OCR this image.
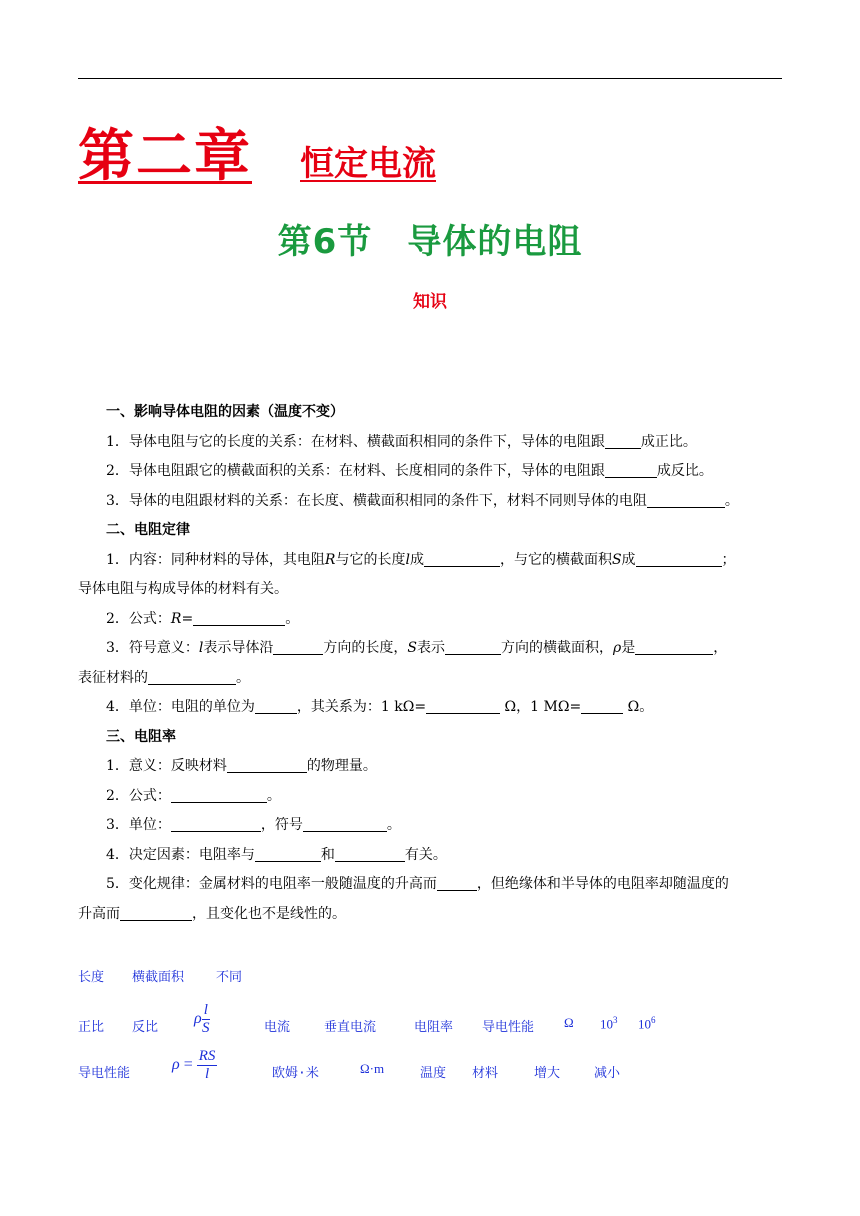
第二章 恒定电流
第6节　导体的电阻
知识

一、影响导体电阻的因素（温度不变）

1．导体电阻与它的长度的关系：在材料、横截面积相同的条件下，导体的电阻跟	成正比。

2．导体电阻跟它的横截面积的关系：在材料、长度相同的条件下，导体的电阻跟	成反比。

3．导体的电阻跟材料的关系：在长度、横截面积相同的条件下，材料不同则导体的电阻	。

二、电阻定律

1．内容：同种材料的导体，其电阻R与它的长度l成	，与它的横截面积S成	；

导体电阻与构成导体的材料有关。

2．公式：R=	。

3．符号意义：l表示导体沿	方向的长度，S表示	方向的横截面积，ρ是	，

表征材料的	。

4．单位：电阻的单位为	，其关系为：1 kΩ=	Ω，1 MΩ=	Ω。

三、电阻率

1．意义：反映材料	的物理量。

2．公式：	。

3．单位：	，符号	。

4．决定因素：电阻率与	和	有关。

5．变化规律：金属材料的电阻率一般随温度的升高而	，但绝缘体和半导体的电阻率却随温度的

升高而	，且变化也不是线性的。

长度 横截面积 不同
正比 反比
ρ $\frac{l}{S}$	电流	垂直电流	电阻率 导电性能 Ω $10^3$ $10^6$
导电性能
$\rho = \frac{RS}{l}$	欧姆·米	Ω·m	温度 材料	增大	减小
